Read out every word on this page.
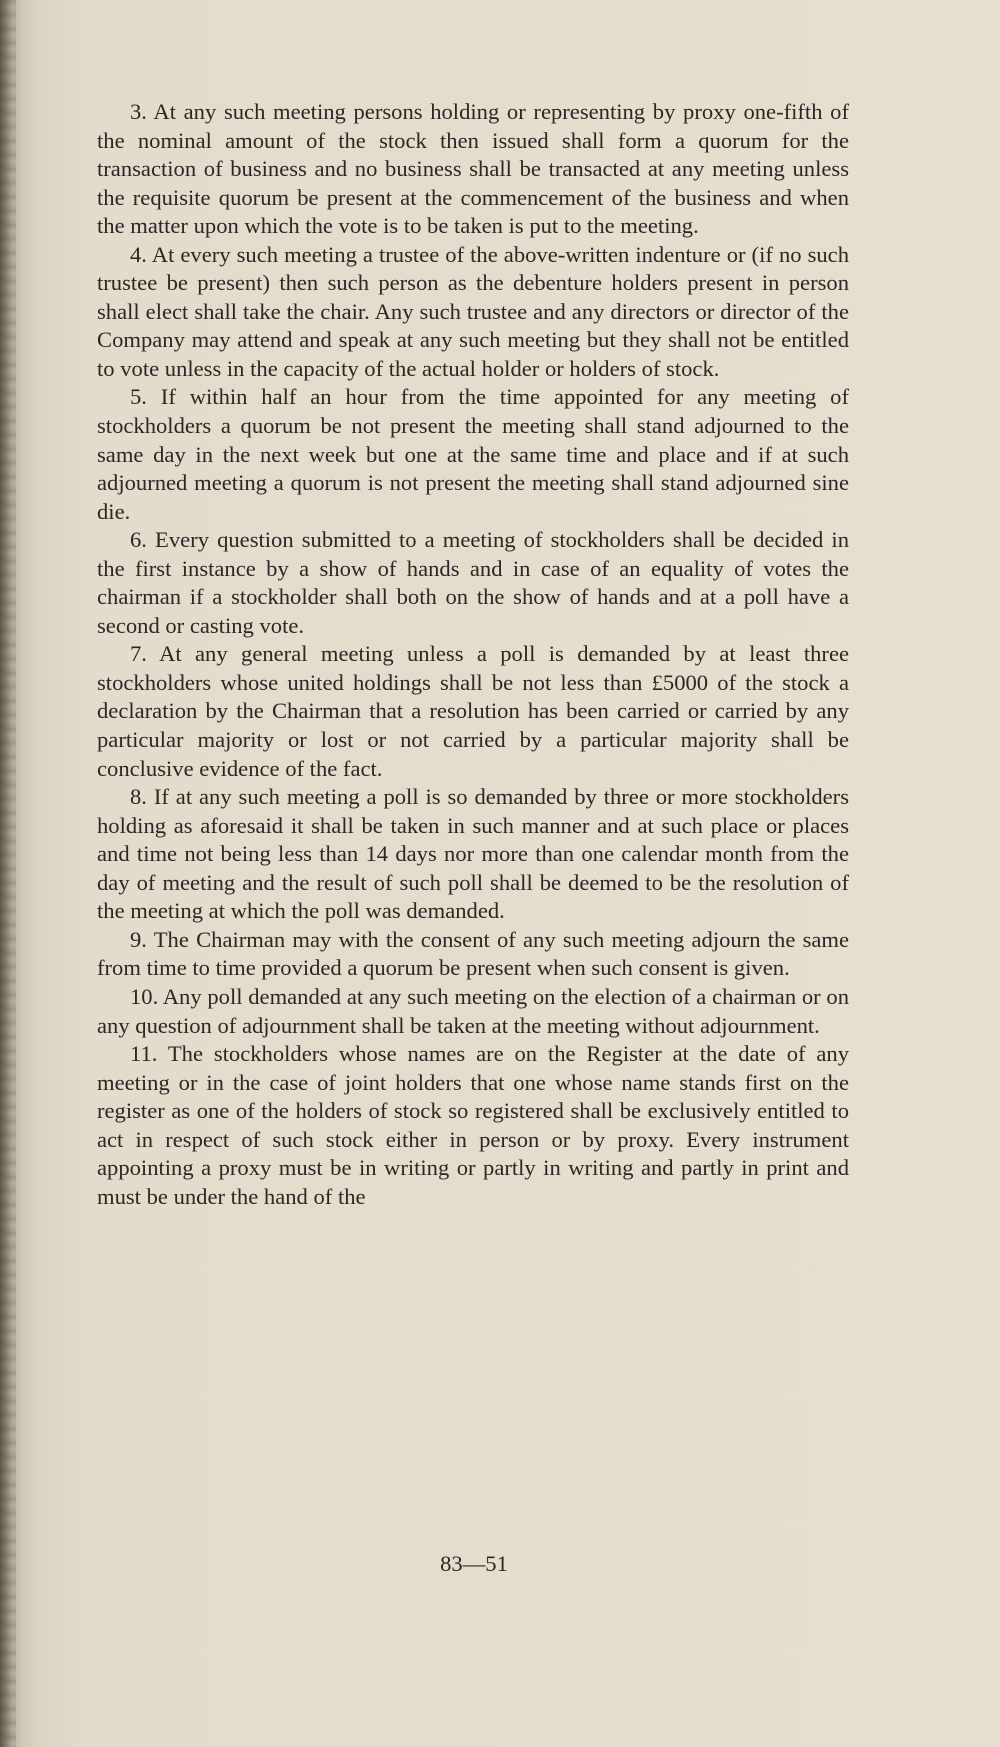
3. At any such meeting persons holding or representing by proxy one-fifth of the nominal amount of the stock then issued shall form a quorum for the transaction of business and no business shall be transacted at any meeting unless the requisite quorum be present at the commencement of the business and when the matter upon which the vote is to be taken is put to the meeting.

4. At every such meeting a trustee of the above-written indenture or (if no such trustee be present) then such person as the debenture holders present in person shall elect shall take the chair. Any such trustee and any directors or director of the Company may attend and speak at any such meeting but they shall not be entitled to vote unless in the capacity of the actual holder or holders of stock.

5. If within half an hour from the time appointed for any meeting of stockholders a quorum be not present the meeting shall stand adjourned to the same day in the next week but one at the same time and place and if at such adjourned meeting a quorum is not present the meeting shall stand adjourned sine die.

6. Every question submitted to a meeting of stockholders shall be decided in the first instance by a show of hands and in case of an equality of votes the chairman if a stockholder shall both on the show of hands and at a poll have a second or casting vote.

7. At any general meeting unless a poll is demanded by at least three stockholders whose united holdings shall be not less than £5000 of the stock a declaration by the Chairman that a resolution has been carried or carried by any particular majority or lost or not carried by a particular majority shall be conclusive evidence of the fact.

8. If at any such meeting a poll is so demanded by three or more stockholders holding as aforesaid it shall be taken in such manner and at such place or places and time not being less than 14 days nor more than one calendar month from the day of meeting and the result of such poll shall be deemed to be the resolution of the meeting at which the poll was demanded.

9. The Chairman may with the consent of any such meeting adjourn the same from time to time provided a quorum be present when such consent is given.

10. Any poll demanded at any such meeting on the election of a chairman or on any question of adjournment shall be taken at the meeting without adjournment.

11. The stockholders whose names are on the Register at the date of any meeting or in the case of joint holders that one whose name stands first on the register as one of the holders of stock so registered shall be exclusively entitled to act in respect of such stock either in person or by proxy. Every instrument appointing a proxy must be in writing or partly in writing and partly in print and must be under the hand of the

83—51
